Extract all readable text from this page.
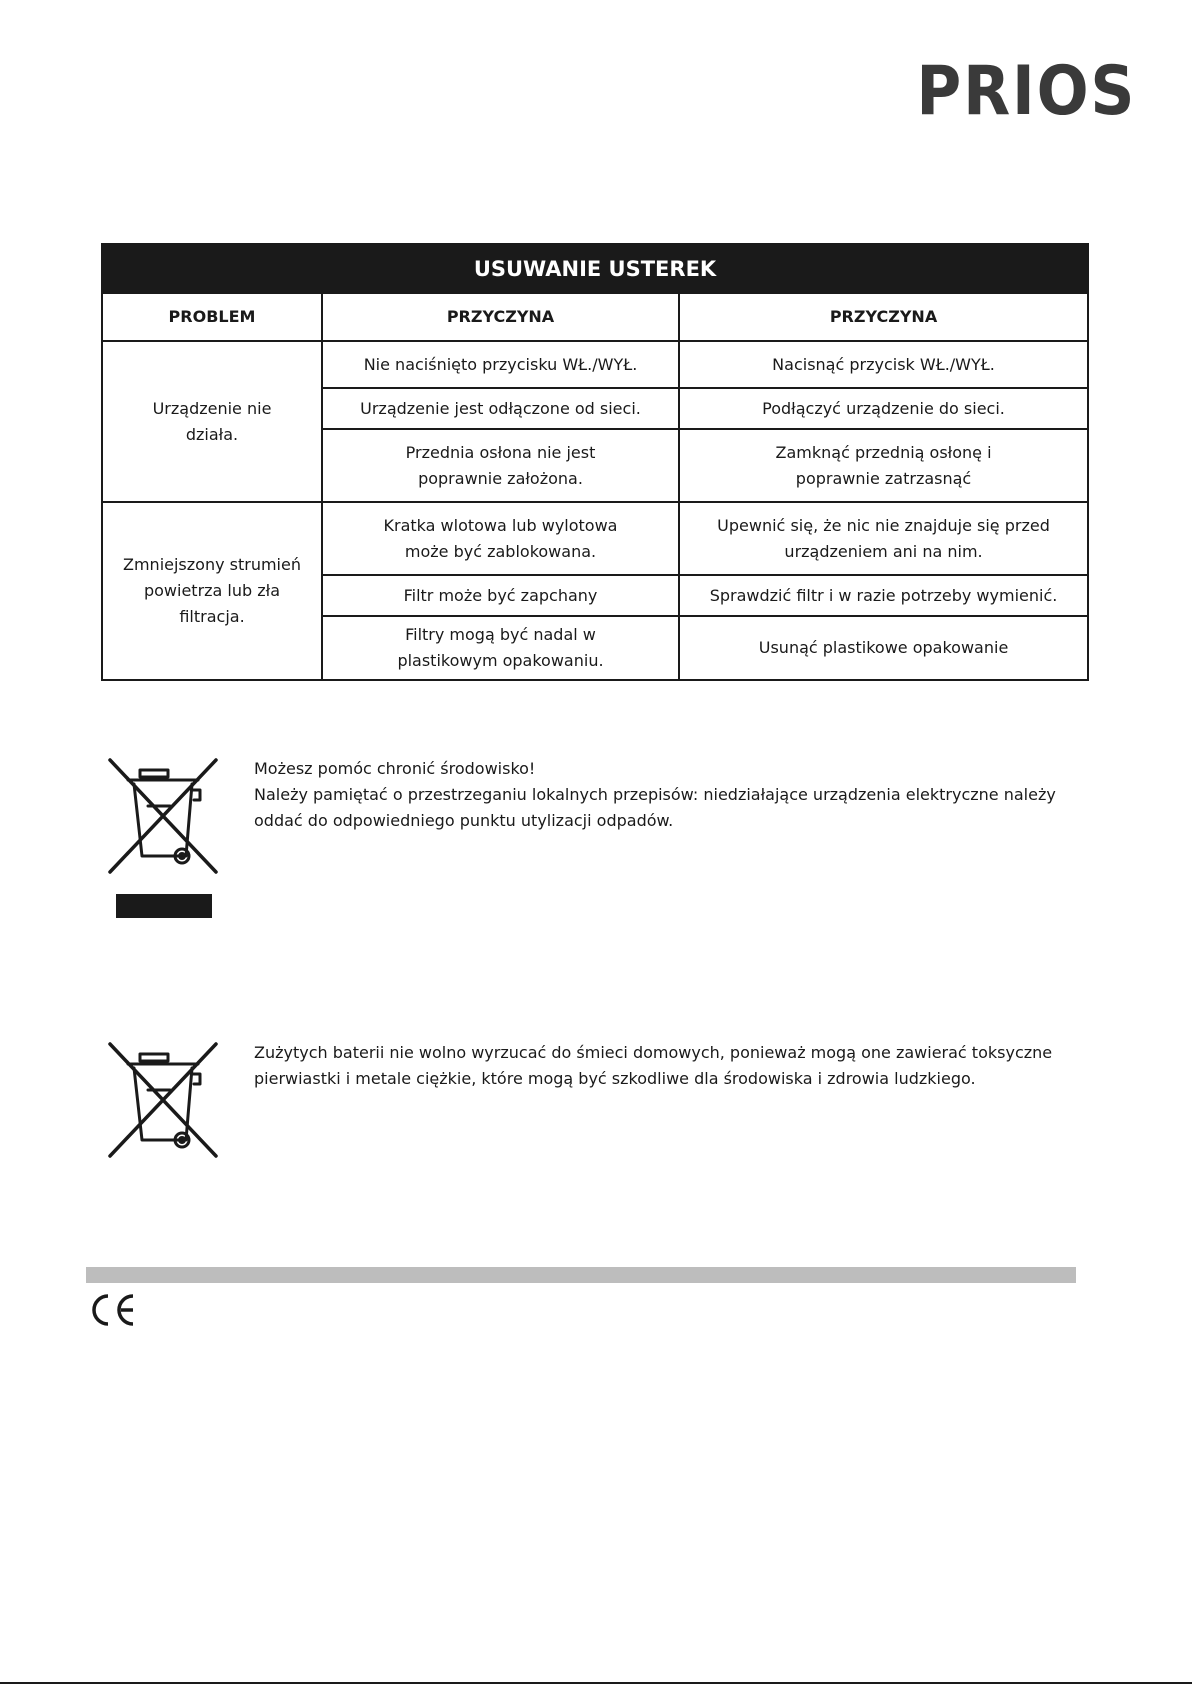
PRIOS
USUWANIE USTEREK		
PROBLEM	PRZYCZYNA	PRZYCZYNA
Urządzenie nie działa.	Nie naciśnięto przycisku WŁ./WYŁ.	Nacisnąć przycisk WŁ./WYŁ.
	Urządzenie jest odłączone od sieci.	Podłączyć urządzenie do sieci.
	Przednia osłona nie jest poprawnie założona.	Zamknąć przednią osłonę i poprawnie zatrzasnąć
Zmniejszony strumień powietrza lub zła filtracja.	Kratka wlotowa lub wylotowa może być zablokowana.	Upewnić się, że nic nie znajduje się przed urządzeniem ani na nim.
	Filtr może być zapchany	Sprawdzić filtr i w razie potrzeby wymienić.
	Filtry mogą być nadal w plastikowym opakowaniu.	Usunąć plastikowe opakowanie
Możesz pomóc chronić środowisko!
Należy pamiętać o przestrzeganiu lokalnych przepisów: niedziałające urządzenia elektryczne należy oddać do odpowiedniego punktu utylizacji odpadów.
Zużytych baterii nie wolno wyrzucać do śmieci domowych, ponieważ mogą one zawierać toksyczne pierwiastki i metale ciężkie, które mogą być szkodliwe dla środowiska i zdrowia ludzkiego.
